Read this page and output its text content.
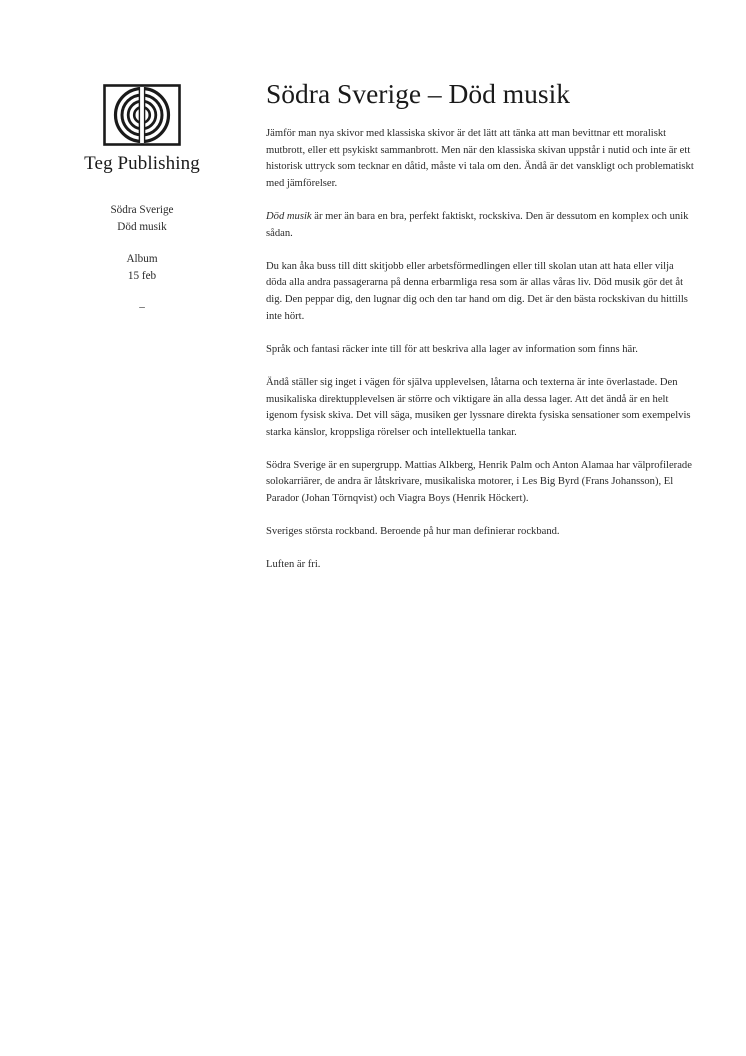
Teg Publishing
Södra Sverige
Död musik
Album
15 feb
–
Södra Sverige – Död musik

Jämför man nya skivor med klassiska skivor är det lätt att tänka att man bevittnar ett moraliskt mutbrott, eller ett psykiskt sammanbrott. Men när den klassiska skivan uppstår i nutid och inte är ett historisk uttryck som tecknar en dåtid, måste vi tala om den. Ändå är det vanskligt och problematiskt med jämförelser.

Död musik är mer än bara en bra, perfekt faktiskt, rockskiva. Den är dessutom en komplex och unik sådan.

Du kan åka buss till ditt skitjobb eller arbetsförmedlingen eller till skolan utan att hata eller vilja döda alla andra passagerarna på denna erbarmliga resa som är allas våras liv. Död musik gör det åt dig. Den peppar dig, den lugnar dig och den tar hand om dig. Det är den bästa rockskivan du hittills inte hört.

Språk och fantasi räcker inte till för att beskriva alla lager av information som finns här.

Ändå ställer sig inget i vägen för själva upplevelsen, låtarna och texterna är inte överlastade. Den musikaliska direktupplevelsen är större och viktigare än alla dessa lager. Att det ändå är en helt igenom fysisk skiva. Det vill säga, musiken ger lyssnare direkta fysiska sensationer som exempelvis starka känslor, kroppsliga rörelser och intellektuella tankar.

Södra Sverige är en supergrupp. Mattias Alkberg, Henrik Palm och Anton Alamaa har välprofilerade solokarriärer, de andra är låtskrivare, musikaliska motorer, i Les Big Byrd (Frans Johansson), El Parador (Johan Törnqvist) och Viagra Boys (Henrik Höckert).

Sveriges största rockband. Beroende på hur man definierar rockband.

Luften är fri.
